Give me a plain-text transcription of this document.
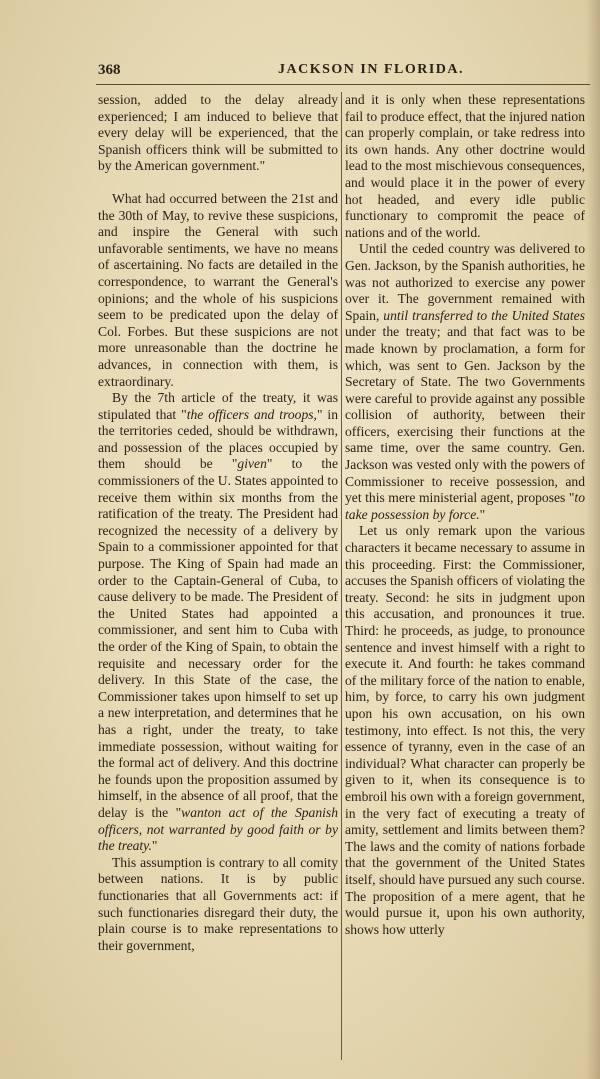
368	JACKSON IN FLORIDA.

session, added to the delay already experienced; I am induced to believe that every delay will be experienced, that the Spanish officers think will be submitted to by the American government."

What had occurred between the 21st and the 30th of May, to revive these suspicions, and inspire the General with such unfavorable sentiments, we have no means of ascertaining. No facts are detailed in the correspondence, to warrant the General's opinions; and the whole of his suspicions seem to be predicated upon the delay of Col. Forbes. But these suspicions are not more unreasonable than the doctrine he advances, in connection with them, is extraordinary.

By the 7th article of the treaty, it was stipulated that "the officers and troops," in the territories ceded, should be withdrawn, and possession of the places occupied by them should be "given" to the commissioners of the U. States appointed to receive them within six months from the ratification of the treaty. The President had recognized the necessity of a delivery by Spain to a commissioner appointed for that purpose. The King of Spain had made an order to the Captain-General of Cuba, to cause delivery to be made. The President of the United States had appointed a commissioner, and sent him to Cuba with the order of the King of Spain, to obtain the requisite and necessary order for the delivery. In this State of the case, the Commissioner takes upon himself to set up a new interpretation, and determines that he has a right, under the treaty, to take immediate possession, without waiting for the formal act of delivery. And this doctrine he founds upon the proposition assumed by himself, in the absence of all proof, that the delay is the "wanton act of the Spanish officers, not warranted by good faith or by the treaty."

This assumption is contrary to all comity between nations. It is by public functionaries that all Governments act: if such functionaries disregard their duty, the plain course is to make representations to their government,

and it is only when these representations fail to produce effect, that the injured nation can properly complain, or take redress into its own hands. Any other doctrine would lead to the most mischievous consequences, and would place it in the power of every hot headed, and every idle public functionary to compromit the peace of nations and of the world.

Until the ceded country was delivered to Gen. Jackson, by the Spanish authorities, he was not authorized to exercise any power over it. The government remained with Spain, until transferred to the United States under the treaty; and that fact was to be made known by proclamation, a form for which, was sent to Gen. Jackson by the Secretary of State. The two Governments were careful to provide against any possible collision of authority, between their officers, exercising their functions at the same time, over the same country. Gen. Jackson was vested only with the powers of Commissioner to receive possession, and yet this mere ministerial agent, proposes "to take possession by force."

Let us only remark upon the various characters it became necessary to assume in this proceeding. First: the Commissioner, accuses the Spanish officers of violating the treaty. Second: he sits in judgment upon this accusation, and pronounces it true. Third: he proceeds, as judge, to pronounce sentence and invest himself with a right to execute it. And fourth: he takes command of the military force of the nation to enable, him, by force, to carry his own judgment upon his own accusation, on his own testimony, into effect. Is not this, the very essence of tyranny, even in the case of an individual? What character can properly be given to it, when its consequence is to embroil his own with a foreign government, in the very fact of executing a treaty of amity, settlement and limits between them? The laws and the comity of nations forbade that the government of the United States itself, should have pursued any such course. The proposition of a mere agent, that he would pursue it, upon his own authority, shows how utterly
